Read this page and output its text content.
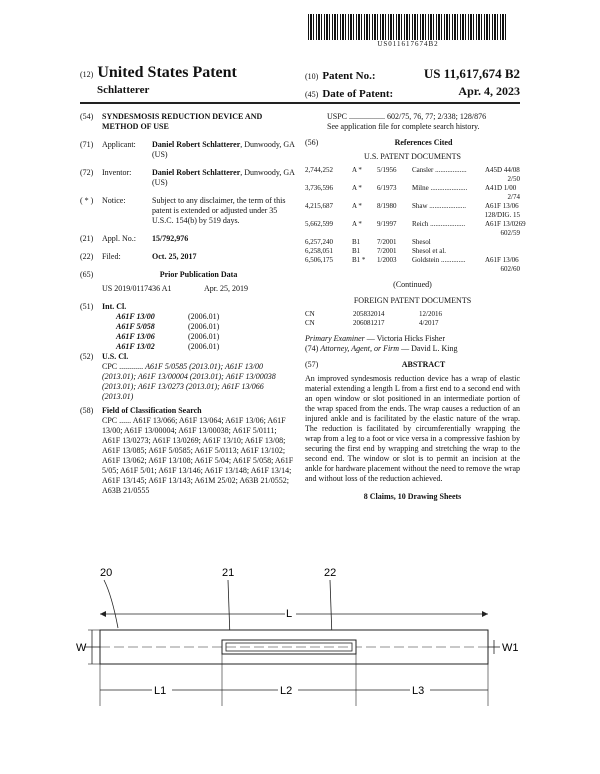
US011617674B2
(12) United States Patent
Schlatterer
(10) Patent No.:	US 11,617,674 B2
(45) Date of Patent:	Apr. 4, 2023
(54)	SYNDESMOSIS REDUCTION DEVICE AND METHOD OF USE
(71)	Applicant:	Daniel Robert Schlatterer, Dunwoody, GA (US)
(72)	Inventor:	Daniel Robert Schlatterer, Dunwoody, GA (US)
( * )	Notice:	Subject to any disclaimer, the term of this patent is extended or adjusted under 35 U.S.C. 154(b) by 519 days.
(21)	Appl. No.:	15/792,976
(22)	Filed:	Oct. 25, 2017
(65)	Prior Publication Data
US 2019/0117436 A1	Apr. 25, 2019
(51)	Int. Cl.
A61F 13/00	(2006.01)
A61F 5/058	(2006.01)
A61F 13/06	(2006.01)
A61F 13/02	(2006.01)
(52)	U.S. Cl.
CPC ............ A61F 5/0585 (2013.01); A61F 13/00 (2013.01); A61F 13/00004 (2013.01); A61F 13/00038 (2013.01); A61F 13/0273 (2013.01); A61F 13/066 (2013.01)
(58)	Field of Classification Search
CPC ...... A61F 13/066; A61F 13/064; A61F 13/06; A61F 13/00; A61F 13/00004; A61F 13/00038; A61F 5/0111; A61F 13/0273; A61F 13/0269; A61F 13/10; A61F 13/08; A61F 13/085; A61F 5/0585; A61F 5/0113; A61F 13/102; A61F 13/062; A61F 13/108; A61F 5/04; A61F 5/058; A61F 5/05; A61F 5/01; A61F 13/146; A61F 13/148; A61F 13/14; A61F 13/145; A61F 13/143; A61M 25/02; A63B 21/0552; A63B 21/0555
USPC .................. 602/75, 76, 77; 2/338; 128/876
See application file for complete search history.
(56)	References Cited
U.S. PATENT DOCUMENTS
2,744,252	A *	5/1956	Cansler ..................	A45D 44/08
2/50
3,736,596	A *	6/1973	Milne .....................	A41D 1/00
2/74
4,215,687	A *	8/1980	Shaw .....................	A61F 13/06
128/DIG. 15
5,662,599	A *	9/1997	Reich ....................	A61F 13/0269
602/59
6,257,240	B1	7/2001	Shesol
6,258,051	B1	7/2001	Shesol et al.
6,506,175	B1 *	1/2003	Goldstein ..............	A61F 13/06
602/60
(Continued)
FOREIGN PATENT DOCUMENTS
CN	205832014	12/2016
CN	206081217	4/2017
Primary Examiner — Victoria Hicks Fisher
(74) Attorney, Agent, or Firm — David L. King
(57)	ABSTRACT
An improved syndesmosis reduction device has a wrap of elastic material extending a length L from a first end to a second end with an open window or slot positioned in an intermediate portion of the wrap spaced from the ends. The wrap causes a reduction of an injured ankle and is facilitated by the elastic nature of the wrap. The reduction is facilitated by circumferentially wrapping the wrap from a leg to a foot or vice versa in a compressive fashion by securing the first end by wrapping and stretching the wrap to the second end. The window or slot is to permit an incision at the ankle for hardware placement without the need to remove the wrap and without loss of the reduction achieved.
8 Claims, 10 Drawing Sheets
20	21	22
L
W	W1
L1	L2	L3
